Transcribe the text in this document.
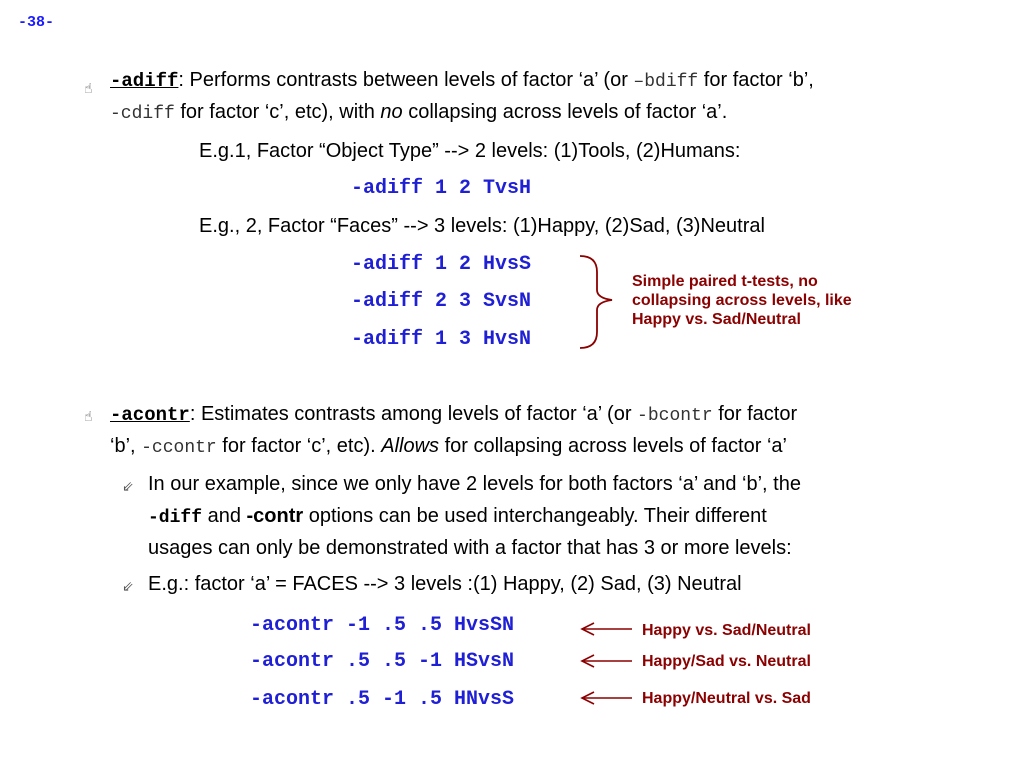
-38-
☝ -adiff: Performs contrasts between levels of factor ‘a’ (or –bdiff for factor ‘b’,
-cdiff for factor ‘c’, etc), with no collapsing across levels of factor ‘a’.
E.g.1, Factor “Object Type” --> 2 levels: (1)Tools, (2)Humans:
-adiff 1 2 TvsH
E.g., 2, Factor “Faces” --> 3 levels: (1)Happy, (2)Sad, (3)Neutral
-adiff 1 2 HvsS
-adiff 2 3 SvsN
-adiff 1 3 HvsN
Simple paired t-tests, no
collapsing across levels, like
Happy vs. Sad/Neutral
☝ -acontr: Estimates contrasts among levels of factor ‘a’ (or -bcontr for factor
‘b’, -ccontr for factor ‘c’, etc). Allows for collapsing across levels of factor ‘a’
⇙ In our example, since we only have 2 levels for both factors ‘a’ and ‘b’, the
-diff and -contr options can be used interchangeably. Their different
usages can only be demonstrated with a factor that has 3 or more levels:
⇙ E.g.: factor ‘a’ = FACES --> 3 levels :(1) Happy, (2) Sad, (3) Neutral
-acontr -1 .5 .5 HvsSN	Happy vs. Sad/Neutral
-acontr .5 .5 -1 HSvsN	Happy/Sad vs. Neutral
-acontr .5 -1 .5 HNvsS	Happy/Neutral vs. Sad
